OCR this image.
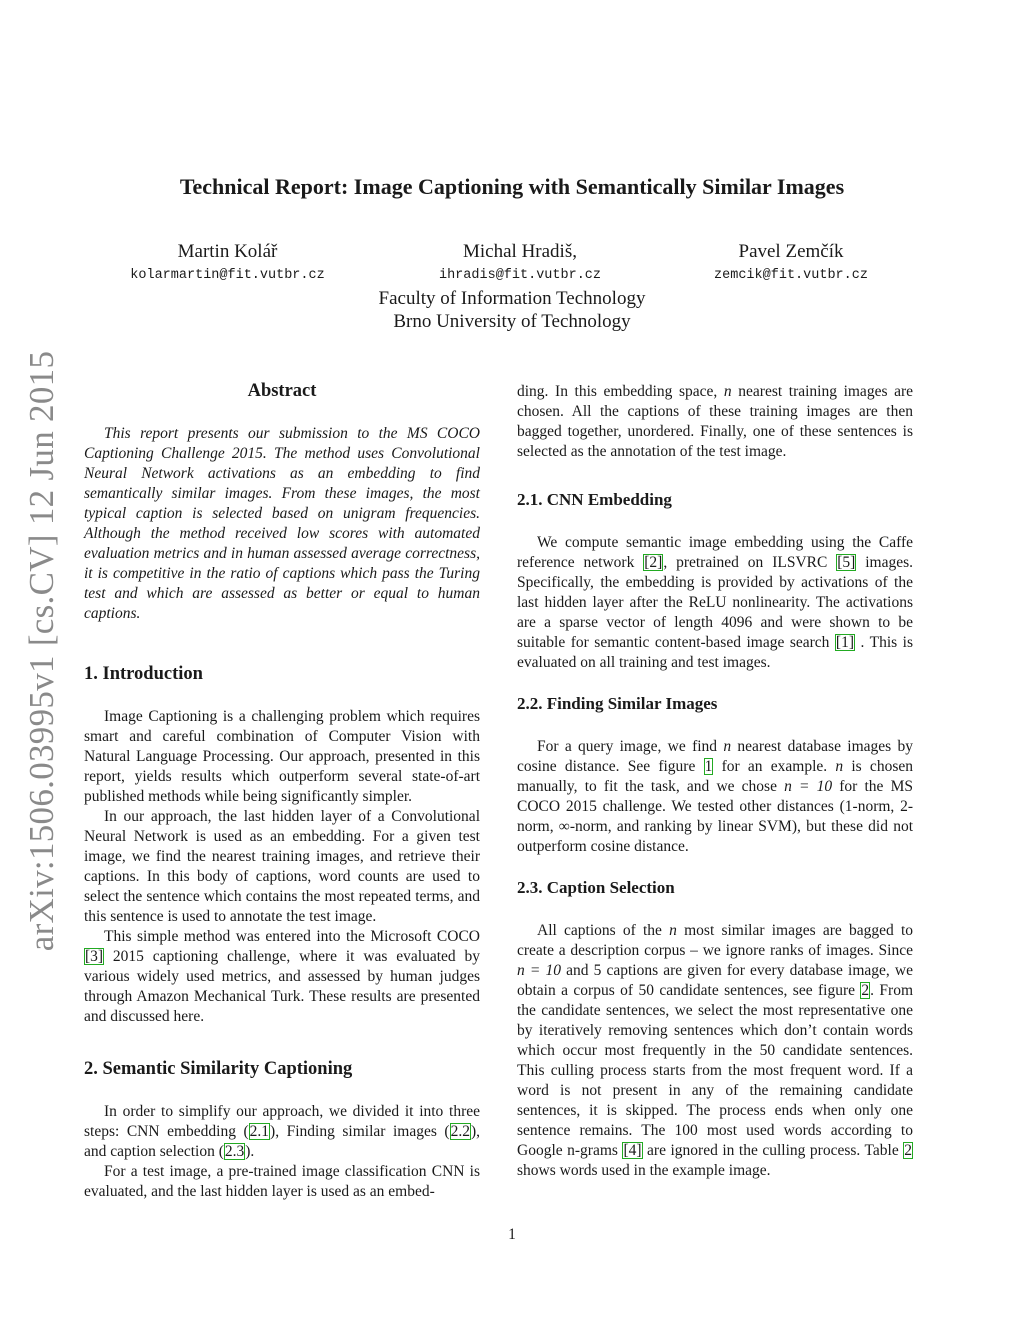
Technical Report: Image Captioning with Semantically Similar Images
Martin Kolář
kolarmartin@fit.vutbr.cz
Michal Hradiš,
ihradis@fit.vutbr.cz
Pavel Zemčík
zemcik@fit.vutbr.cz
Faculty of Information Technology
Brno University of Technology
arXiv:1506.03995v1 [cs.CV] 12 Jun 2015	Abstract

This report presents our submission to the MS COCO Captioning Challenge 2015. The method uses Convolutional Neural Network activations as an embedding to find semantically similar images. From these images, the most typical caption is selected based on unigram frequencies. Although the method received low scores with automated evaluation metrics and in human assessed average correctness, it is competitive in the ratio of captions which pass the Turing test and which are assessed as better or equal to human captions.

1. Introduction

Image Captioning is a challenging problem which requires smart and careful combination of Computer Vision with Natural Language Processing. Our approach, presented in this report, yields results which outperform several state-of-art published methods while being significantly simpler.

In our approach, the last hidden layer of a Convolutional Neural Network is used as an embedding. For a given test image, we find the nearest training images, and retrieve their captions. In this body of captions, word counts are used to select the sentence which contains the most repeated terms, and this sentence is used to annotate the test image.

This simple method was entered into the Microsoft COCO [3] 2015 captioning challenge, where it was evaluated by various widely used metrics, and assessed by human judges through Amazon Mechanical Turk. These results are presented and discussed here.

2. Semantic Similarity Captioning

In order to simplify our approach, we divided it into three steps: CNN embedding (2.1), Finding similar images (2.2), and caption selection (2.3).

For a test image, a pre-trained image classification CNN is evaluated, and the last hidden layer is used as an embed-

ding. In this embedding space, n nearest training images are chosen. All the captions of these training images are then bagged together, unordered. Finally, one of these sentences is selected as the annotation of the test image.

2.1. CNN Embedding

We compute semantic image embedding using the Caffe reference network [2], pretrained on ILSVRC [5] images. Specifically, the embedding is provided by activations of the last hidden layer after the ReLU nonlinearity. The activations are a sparse vector of length 4096 and were shown to be suitable for semantic content-based image search [1] . This is evaluated on all training and test images.

2.2. Finding Similar Images

For a query image, we find n nearest database images by cosine distance. See figure 1 for an example. n is chosen manually, to fit the task, and we chose n = 10 for the MS COCO 2015 challenge. We tested other distances (1-norm, 2-norm, ∞-norm, and ranking by linear SVM), but these did not outperform cosine distance.

2.3. Caption Selection

All captions of the n most similar images are bagged to create a description corpus – we ignore ranks of images. Since n = 10 and 5 captions are given for every database image, we obtain a corpus of 50 candidate sentences, see figure 2. From the candidate sentences, we select the most representative one by iteratively removing sentences which don’t contain words which occur most frequently in the 50 candidate sentences. This culling process starts from the most frequent word. If a word is not present in any of the remaining candidate sentences, it is skipped. The process ends when only one sentence remains. The 100 most used words according to Google n-grams [4] are ignored in the culling process. Table 2 shows words used in the example image.

1
